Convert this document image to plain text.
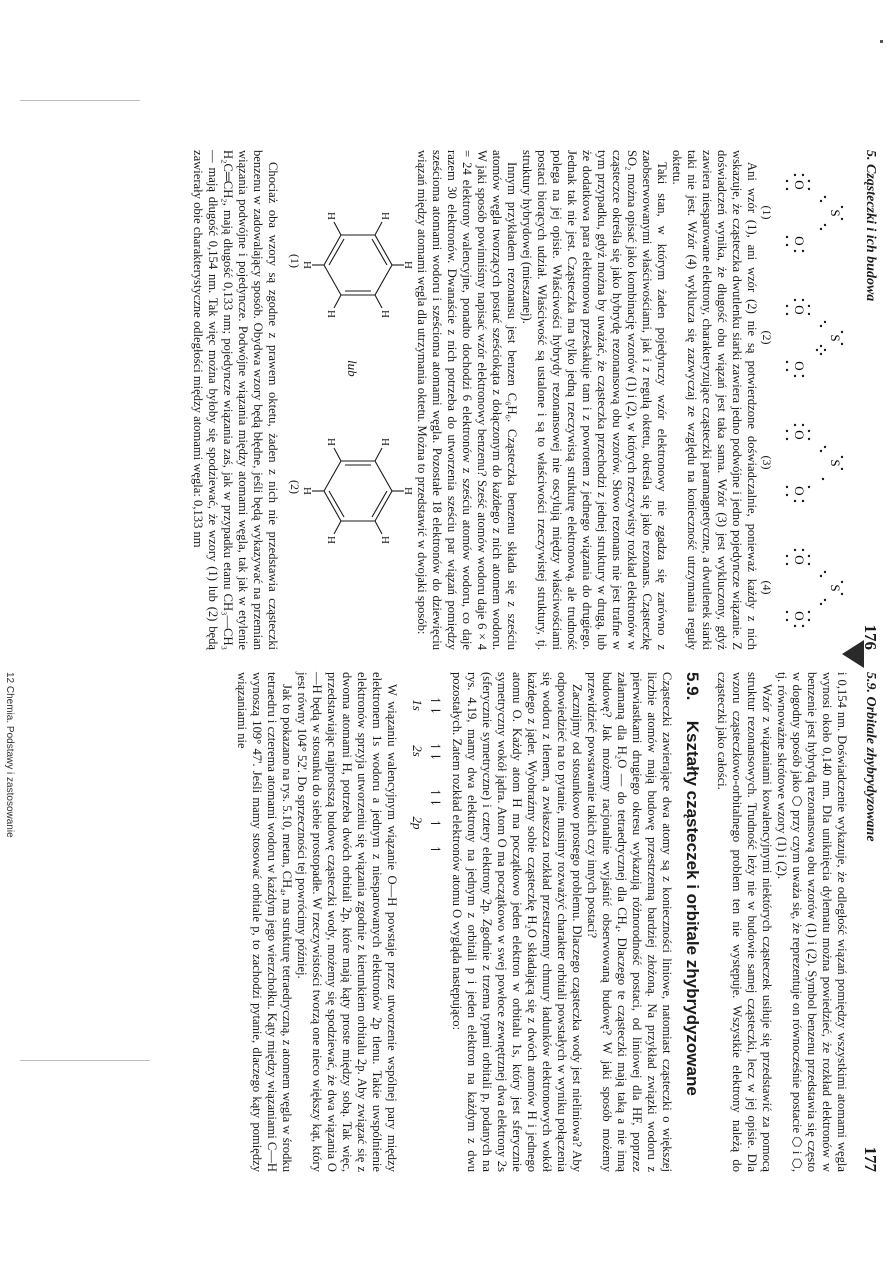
5. Cząsteczki i ich budowa
176
S
O
O
(1)
S
O
O
(2)
S
O
O
(3)
S
O
O
(4)

Ani wzór (1), ani wzór (2) nie są potwierdzone doświadczalnie, ponieważ każdy z nich wskazuje, że cząsteczka dwutlenku siarki zawiera jedno podwójne i jedno pojedyncze wiązanie. Z doświadczeń wynika, że długość obu wiązań jest taka sama. Wzór (3) jest wykluczony, gdyż zawiera niesparowane elektrony, charakteryzujące cząsteczki paramagnetyczne, a dwutlenek siarki taki nie jest. Wzór (4) wyklucza się zazwyczaj ze względu na konieczność utrzymania reguły oktetu.

Taki stan, w którym żaden pojedynczy wzór elektronowy nie zgadza się zarówno z zaobserwowanymi właściwościami, jak i z regułą oktetu, określa się jako rezonans. Cząsteczkę SO₂ można opisać jako kombinację wzorów (1) i (2), w których rzeczywisty rozkład elektronów w cząsteczce określa się jako hybrydę rezonansową obu wzorów. Słowo rezonans nie jest trafne w tym przypadku, gdyż można by uważać, że cząsteczka przechodzi z jednej struktury w drugą, lub że dodatkowa para elektronowa przeskakuje tam i z powrotem z jednego wiązania do drugiego. Jednak tak nie jest. Cząsteczka ma tylko jedną rzeczywistą strukturę elektronową, ale trudność polega na jej opisie. Właściwości hybrydy rezonansowej nie oscylują między właściwościami postaci biorących udział. Właściwość są ustalone i są to właściwości rzeczywistej struktury, tj. struktury hybrydowej (mieszanej).

Innym przykładem rezonansu jest benzen C₆H₆. Cząsteczka benzenu składa się z sześciu atomów węgla tworzących postać sześciokąta z dołączonym do każdego z nich atomem wodoru. W jaki sposób powinniśmy napisać wzór elektronowy benzenu? Sześć atomów wodoru daje 6 × 4 = 24 elektrony walencyjne, ponadto dochodzi 6 elektronów z sześciu atomów wodoru, co daje razem 30 elektronów. Dwanaście z nich potrzeba do utworzenia sześciu par wiązań pomiędzy sześcioma atomami wodoru i sześcioma atomami węgla. Pozostałe 18 elektronów do dziewięciu wiązań między atomami węgla dla utrzymania oktetu. Można to przedstawić w dwojaki sposób:

H
H
H
H
H
H
lub
H
H
H
H
H
H
(1)
(2)

Chociaż oba wzory są zgodne z prawem oktetu, żaden z nich nie przedstawia cząsteczki benzenu w zadowalający sposób. Obydwa wzory będą błędne, jeśli będą wykazywać na przemian wiązania podwójne i pojedyncze. Podwójne wiązania między atomami węgla, tak jak w etylenie H₂C═CH₂, mają długość 0,133 nm; pojedyncze wiązania zaś, jak w przypadku etanu CH₃—CH₃ — mają długość 0,154 nm. Tak więc można byłoby się spodziewać, że wzory (1) lub (2) będą zawierały obie charakterystyczne odległości między atomami węgla: 0,133 nm

5.9. Orbitale zhybrydyzowane
177

i 0,154 nm. Doświadczenie wykazuje, że odległość wiązań pomiędzy wszystkimi atomami węgla wynosi około 0,140 nm. Dla uniknięcia dylematu można powiedzieć, że rozkład elektronów w benzenie jest hybrydą rezonansową obu wzorów (1) i (2). Symbol benzenu przedstawia się często w dogodny sposób jako ⬡ przy czym uważa się, że reprezentuje on równocześnie postacie ⬡ i ⬡, tj. równoważne skrótowe wzory (1) i (2).

Wzór z wiązaniami kowalencyjnymi niektórych cząsteczek usiłuje się przedstawić za pomocą struktur rezonansowych. Trudność leży nie w budowie samej cząsteczki, lecz w jej opisie. Dla wzoru cząsteczkowo-orbitalnego problem ten nie występuje. Wszystkie elektrony należą do cząsteczki jako całości.

5.9. Kształty cząsteczek i orbitale zhybrydyzowane

Cząsteczki zawierające dwa atomy są z konieczności liniowe, natomiast cząsteczki o większej liczbie atomów mają budowę przestrzenną bardziej złożoną. Na przykład związki wodoru z pierwiastkami drugiego okresu wykazują różnorodność postaci, od liniowej dla HF, poprzez załamaną dla H₂O — do tetraedrycznej dla CH₄. Dlaczego te cząsteczki mają taką a nie inną budowę? Jak możemy racjonalnie wyjaśnić obserwowaną budowę? W jaki sposób możemy przewidzieć powstawanie takich czy innych postaci?

Zacznijmy od stosunkowo prostego problemu. Dlaczego cząsteczka wody jest nieliniowa? Aby odpowiedzieć na to pytanie, musimy rozważyć charakter orbitali powstałych w wyniku połączenia się wodoru z tlenem, a zwłaszcza rozkład przestrzenny chmury ładunków elektronowych wokół każdego z jąder. Wyobraźmy sobie cząsteczkę H₂O składającą się z dwóch atomów H i jednego atomu O. Każdy atom H ma początkowo jeden elektron w orbitalu 1s, który jest sferycznie symetryczny wokół jądra. Atom O ma początkowo w swej powłoce zewnętrznej dwa elektrony 2s (sferycznie symetryczne) i cztery elektrony 2p. Zgodnie z trzema typami orbitali p, podanych na rys. 4.19, mamy dwa elektrony na jednym z orbitali p i jeden elektron na każdym z dwu pozostałych. Zatem rozkład elektronów atomu O wygląda następująco:

↿⇂
↿⇂
↿⇂
↿
↿
1s
2s
2p

W wiązaniu walencyjnym wiązanie O—H powstaje przez utworzenie wspólnej pary między elektronem 1s wodoru a jednym z niesparowanych elektronów 2p tlenu. Takie uwspólnienie elektronów sprzyja utworzeniu się wiązania zgodnie z kierunkiem orbitalu 2p. Aby związać się z dwoma atomami H, potrzeba dwóch orbitali 2p, które mają kąty proste między sobą. Tak więc, przedstawiając najprostszą budowę cząsteczki wody, możemy się spodziewać, że dwa wiązania O—H będą w stosunku do siebie prostopadłe. W rzeczywistości tworzą one nieco większy kąt, który jest równy 104° 52'. Do sprzeczności tej powrócimy później.

Jak to pokazano na rys. 5.10, metan, CH₄, ma strukturę tetraedryczną, z atomem węgla w środku tetraedru i czterema atomami wodoru w każdym jego wierzchołku. Kąty między wiązaniami C—H wynoszą 109° 47'. Jeśli mamy stosować orbitale p, to zachodzi pytanie, dlaczego kąty pomiędzy wiązaniami nie

12 Chemia. Podstawy i zastosowanie
